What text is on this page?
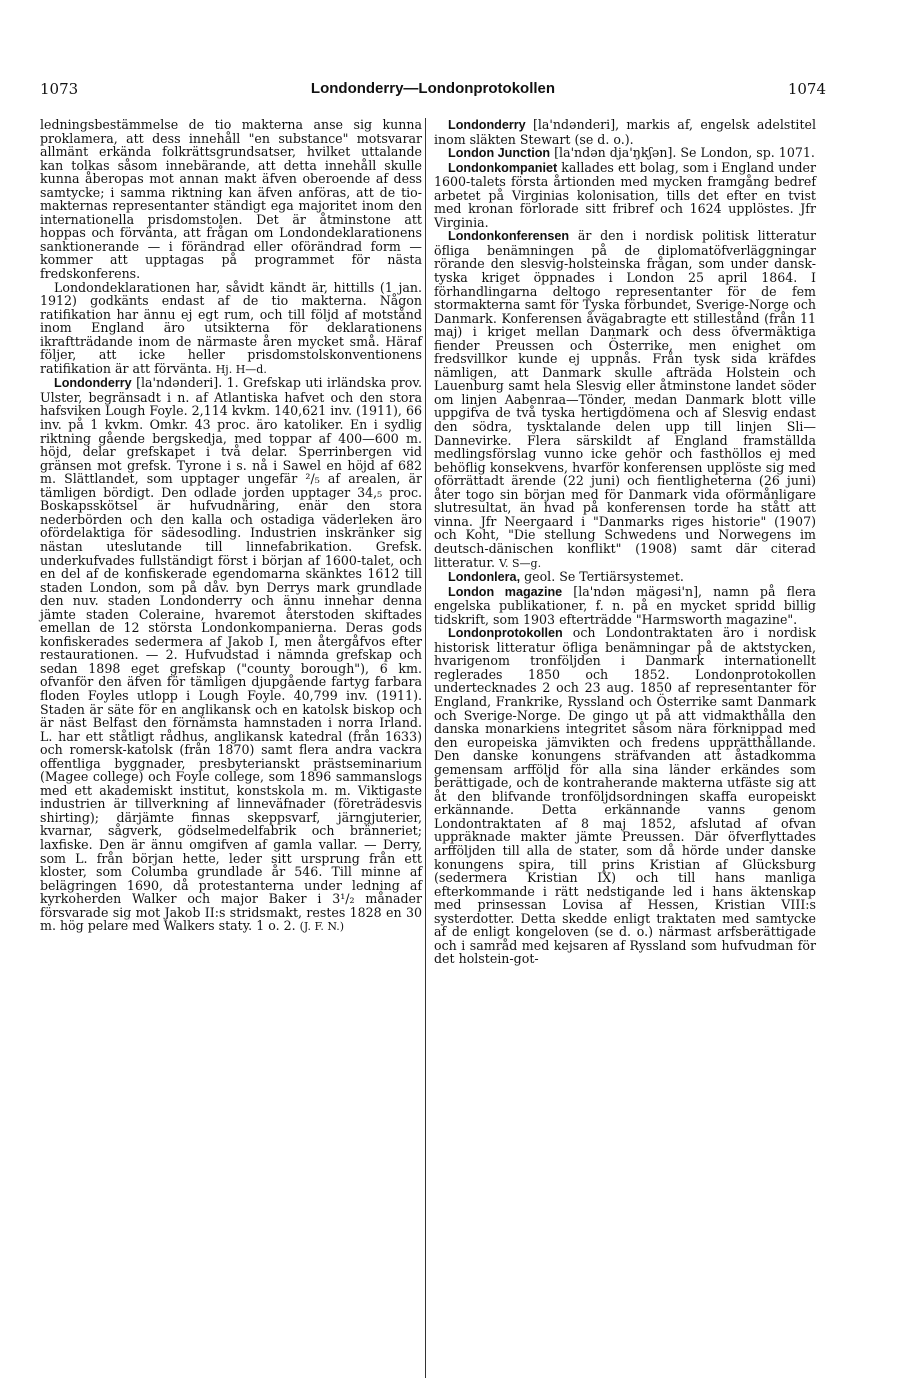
1073	Londonderry—Londonprotokollen	1074

ledningsbestämmelse de tio makterna anse sig kunna proklamera, att dess innehåll "en substance" motsvarar allmänt erkända folkrättsgrundsatser, hvilket uttalande kan tolkas såsom innebärande, att detta innehåll skulle kunna åberopas mot annan makt äfven oberoende af dess samtycke; i samma riktning kan äfven anföras, att de tio-makternas representanter ständigt ega majoritet inom den internationella prisdomstolen. Det är åtminstone att hoppas och förvänta, att frågan om Londondeklarationens sanktionerande — i förändrad eller oförändrad form — kommer att upptagas på programmet för nästa fredskonferens.

Londondeklarationen har, såvidt kändt är, hittills (1 jan. 1912) godkänts endast af de tio makterna. Någon ratifikation har ännu ej egt rum, och till följd af motstånd inom England äro utsikterna för deklarationens ikraftträdande inom de närmaste åren mycket små. Häraf följer, att icke heller prisdomstolskonventionens ratifikation är att förvänta. Hj. H—d.

Londonderry [la'ndənderi]. 1. Grefskap uti irländska prov. Ulster, begränsadt i n. af Atlantiska hafvet och den stora hafsviken Lough Foyle. 2,114 kvkm. 140,621 inv. (1911), 66 inv. på 1 kvkm. Omkr. 43 proc. äro katoliker. En i sydlig riktning gående bergskedja, med toppar af 400—600 m. höjd, delar grefskapet i två delar. Sperrinbergen vid gränsen mot grefsk. Tyrone i s. nå i Sawel en höjd af 682 m. Slättlandet, som upptager ungefär ²/₅ af arealen, är tämligen bördigt. Den odlade jorden upptager 34,₅ proc. Boskapsskötsel är hufvudnäring, enär den stora nederbörden och den kalla och ostadiga väderleken äro ofördelaktiga för sädesodling. Industrien inskränker sig nästan uteslutande till linnefabrikation. Grefsk. underkufvades fullständigt först i början af 1600-talet, och en del af de konfiskerade egendomarna skänktes 1612 till staden London, som på dåv. byn Derrys mark grundlade den nuv. staden Londonderry och ännu innehar denna jämte staden Coleraine, hvaremot återstoden skiftades emellan de 12 största Londonkompanierna. Deras gods konfiskerades sedermera af Jakob I, men återgåfvos efter restaurationen. — 2. Hufvudstad i nämnda grefskap och sedan 1898 eget grefskap ("county borough"), 6 km. ofvanför den äfven för tämligen djupgående fartyg farbara floden Foyles utlopp i Lough Foyle. 40,799 inv. (1911). Staden är säte för en anglikansk och en katolsk biskop och är näst Belfast den förnämsta hamnstaden i norra Irland. L. har ett ståtligt rådhus, anglikansk katedral (från 1633) och romersk-katolsk (från 1870) samt flera andra vackra offentliga byggnader, presbyterianskt prästseminarium (Magee college) och Foyle college, som 1896 sammanslogs med ett akademiskt institut, konstskola m. m. Viktigaste industrien är tillverkning af linneväfnader (företrädesvis shirting); därjämte finnas skeppsvarf, järngjuterier, kvarnar, sågverk, gödselmedelfabrik och bränneriet; laxfiske. Den är ännu omgifven af gamla vallar. — Derry, som L. från början hette, leder sitt ursprung från ett kloster, som Columba grundlade år 546. Till minne af belägringen 1690, då protestanterna under ledning af kyrkoherden Walker och major Baker i 3¹/₂ månader försvarade sig mot Jakob II:s stridsmakt, restes 1828 en 30 m. hög pelare med Walkers staty. 1 o. 2. (J. F. N.)

Londonderry [la'ndənderi], markis af, engelsk adelstitel inom släkten Stewart (se d. o.).

London Junction [la'ndən dja'ŋkʃən]. Se London, sp. 1071.

Londonkompaniet kallades ett bolag, som i England under 1600-talets första årtionden med mycken framgång bedref arbetet på Virginias kolonisation, tills det efter en tvist med kronan förlorade sitt fribref och 1624 upplöstes. Jfr Virginia.

Londonkonferensen är den i nordisk politisk litteratur öfliga benämningen på de diplomatöfverläggningar rörande den slesvig-holsteinska frågan, som under dansk-tyska kriget öppnades i London 25 april 1864. I förhandlingarna deltogo representanter för de fem stormakterna samt för Tyska förbundet, Sverige-Norge och Danmark. Konferensen åvägabragte ett stillestånd (från 11 maj) i kriget mellan Danmark och dess öfvermäktiga fiender Preussen och Österrike, men enighet om fredsvillkor kunde ej uppnås. Från tysk sida kräfdes nämligen, att Danmark skulle afträda Holstein och Lauenburg samt hela Slesvig eller åtminstone landet söder om linjen Aabenraa—Tönder, medan Danmark blott ville uppgifva de två tyska hertigdömena och af Slesvig endast den södra, tysktalande delen upp till linjen Sli—Dannevirke. Flera särskildt af England framställda medlingsförslag vunno icke gehör och fasthöllos ej med behöflig konsekvens, hvarför konferensen upplöste sig med oförrättadt ärende (22 juni) och fientligheterna (26 juni) åter togo sin början med för Danmark vida oförmånligare slutresultat, än hvad på konferensen torde ha stått att vinna. Jfr Neergaard i "Danmarks riges historie" (1907) och Koht, "Die stellung Schwedens und Norwegens im deutsch-dänischen konflikt" (1908) samt där citerad litteratur. V. S—g.

Londonlera, geol. Se Tertiärsystemet.

London magazine [la'ndən mägəsi'n], namn på flera engelska publikationer, f. n. på en mycket spridd billig tidskrift, som 1903 efterträdde "Harmsworth magazine".

Londonprotokollen och Londontraktaten äro i nordisk historisk litteratur öfliga benämningar på de aktstycken, hvarigenom tronföljden i Danmark internationellt reglerades 1850 och 1852. Londonprotokollen undertecknades 2 och 23 aug. 1850 af representanter för England, Frankrike, Ryssland och Österrike samt Danmark och Sverige-Norge. De gingo ut på att vidmakthålla den danska monarkiens integritet såsom nära förknippad med den europeiska jämvikten och fredens upprätthållande. Den danske konungens sträfvanden att åstadkomma gemensam arfföljd för alla sina länder erkändes som berättigade, och de kontraherande makterna utfäste sig att åt den blifvande tronföljdsordningen skaffa europeiskt erkännande. Detta erkännande vanns genom Londontraktaten af 8 maj 1852, afslutad af ofvan uppräknade makter jämte Preussen. Där öfverflyttades arfföljden till alla de stater, som då hörde under danske konungens spira, till prins Kristian af Glücksburg (sedermera Kristian IX) och till hans manliga efterkommande i rätt nedstigande led i hans äktenskap med prinsessan Lovisa af Hessen, Kristian VIII:s systerdotter. Detta skedde enligt traktaten med samtycke af de enligt kongeloven (se d. o.) närmast arfsberättigade och i samråd med kejsaren af Ryssland som hufvudman för det holstein-got-
